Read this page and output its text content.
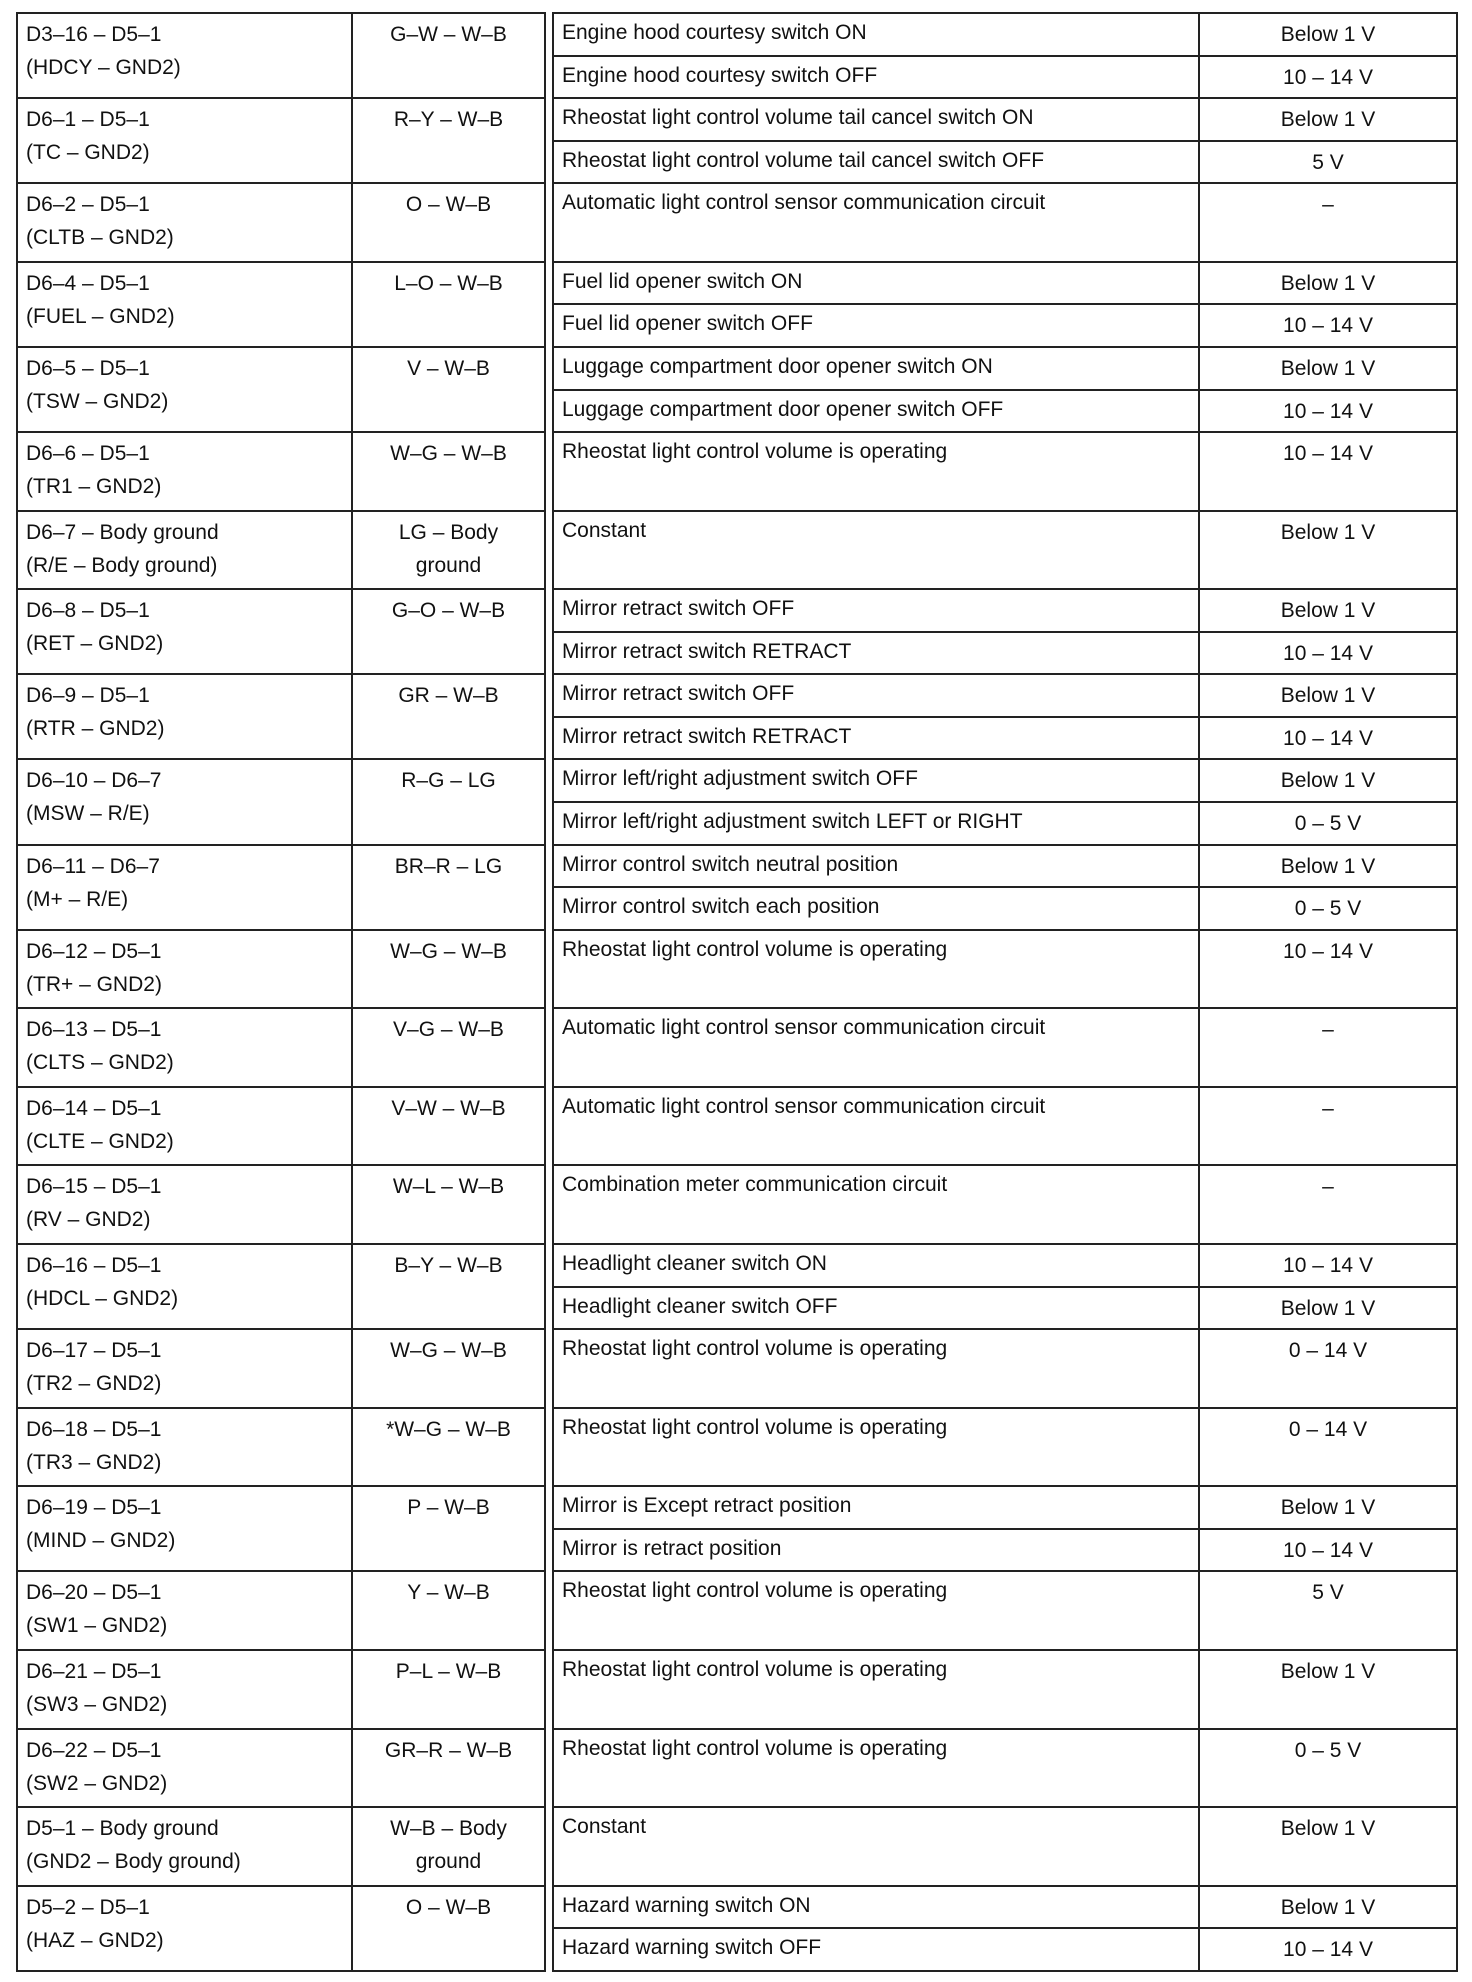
D3–16 – D5–1
(HDCY – GND2)	G–W – W–B		Engine hood courtesy switch ON	Below 1 V
			Engine hood courtesy switch OFF	10 – 14 V

D6–1 – D5–1
(TC – GND2)	R–Y – W–B		Rheostat light control volume tail cancel switch ON	Below 1 V
			Rheostat light control volume tail cancel switch OFF	5 V

D6–2 – D5–1
(CLTB – GND2)	O – W–B		Automatic light control sensor communication circuit	–

D6–4 – D5–1
(FUEL – GND2)	L–O – W–B		Fuel lid opener switch ON	Below 1 V
			Fuel lid opener switch OFF	10 – 14 V

D6–5 – D5–1
(TSW – GND2)	V – W–B		Luggage compartment door opener switch ON	Below 1 V
			Luggage compartment door opener switch OFF	10 – 14 V

D6–6 – D5–1
(TR1 – GND2)	W–G – W–B		Rheostat light control volume is operating	10 – 14 V

D6–7 – Body ground
(R/E – Body ground)	LG – Body
ground		Constant	Below 1 V

D6–8 – D5–1
(RET – GND2)	G–O – W–B		Mirror retract switch OFF	Below 1 V
			Mirror retract switch RETRACT	10 – 14 V

D6–9 – D5–1
(RTR – GND2)	GR – W–B		Mirror retract switch OFF	Below 1 V
			Mirror retract switch RETRACT	10 – 14 V

D6–10 – D6–7
(MSW – R/E)	R–G – LG		Mirror left/right adjustment switch OFF	Below 1 V
			Mirror left/right adjustment switch LEFT or RIGHT	0 – 5 V

D6–11 – D6–7
(M+ – R/E)	BR–R – LG		Mirror control switch neutral position	Below 1 V
			Mirror control switch each position	0 – 5 V

D6–12 – D5–1
(TR+ – GND2)	W–G – W–B		Rheostat light control volume is operating	10 – 14 V

D6–13 – D5–1
(CLTS – GND2)	V–G – W–B		Automatic light control sensor communication circuit	–

D6–14 – D5–1
(CLTE – GND2)	V–W – W–B		Automatic light control sensor communication circuit	–

D6–15 – D5–1
(RV – GND2)	W–L – W–B		Combination meter communication circuit	–

D6–16 – D5–1
(HDCL – GND2)	B–Y – W–B		Headlight cleaner switch ON	10 – 14 V
			Headlight cleaner switch OFF	Below 1 V

D6–17 – D5–1
(TR2 – GND2)	W–G – W–B		Rheostat light control volume is operating	0 – 14 V

D6–18 – D5–1
(TR3 – GND2)	*W–G – W–B		Rheostat light control volume is operating	0 – 14 V

D6–19 – D5–1
(MIND – GND2)	P – W–B		Mirror is Except retract position	Below 1 V
			Mirror is retract position	10 – 14 V

D6–20 – D5–1
(SW1 – GND2)	Y – W–B		Rheostat light control volume is operating	5 V

D6–21 – D5–1
(SW3 – GND2)	P–L – W–B		Rheostat light control volume is operating	Below 1 V

D6–22 – D5–1
(SW2 – GND2)	GR–R – W–B		Rheostat light control volume is operating	0 – 5 V

D5–1 – Body ground
(GND2 – Body ground)	W–B – Body
ground		Constant	Below 1 V

D5–2 – D5–1
(HAZ – GND2)	O – W–B		Hazard warning switch ON	Below 1 V
			Hazard warning switch OFF	10 – 14 V
